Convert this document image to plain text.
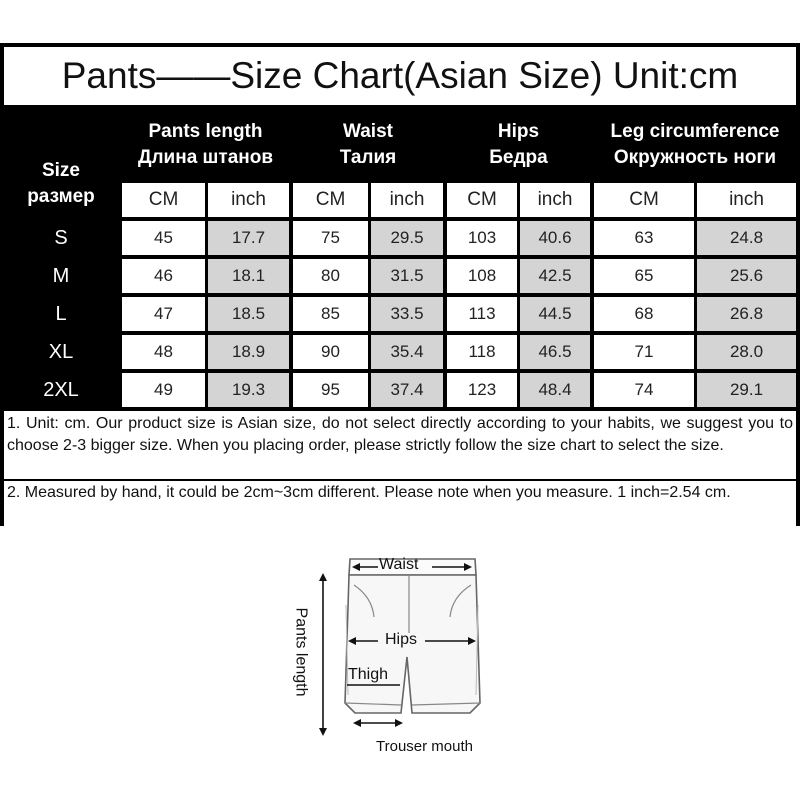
Pants——Size Chart(Asian Size) Unit:cm
Size
размер
Pants length
Длина штанов
Waist
Талия
Hips
Бедра
Leg circumference
Окружность ноги
CM	inch	CM	inch	CM	inch	CM	inch
S	45	17.7	75	29.5	103	40.6	63	24.8
M	46	18.1	80	31.5	108	42.5	65	25.6
L	47	18.5	85	33.5	113	44.5	68	26.8
XL	48	18.9	90	35.4	118	46.5	71	28.0
2XL	49	19.3	95	37.4	123	48.4	74	29.1
1. Unit: cm. Our product size is Asian size, do not select directly according to your habits, we suggest you to choose 2-3 bigger size. When you placing order, please strictly follow the size chart to select the size.
2. Measured by hand, it could be 2cm~3cm different. Please note when you measure. 1 inch=2.54 cm.
Waist
Hips
Thigh
Pants length
Trouser mouth
